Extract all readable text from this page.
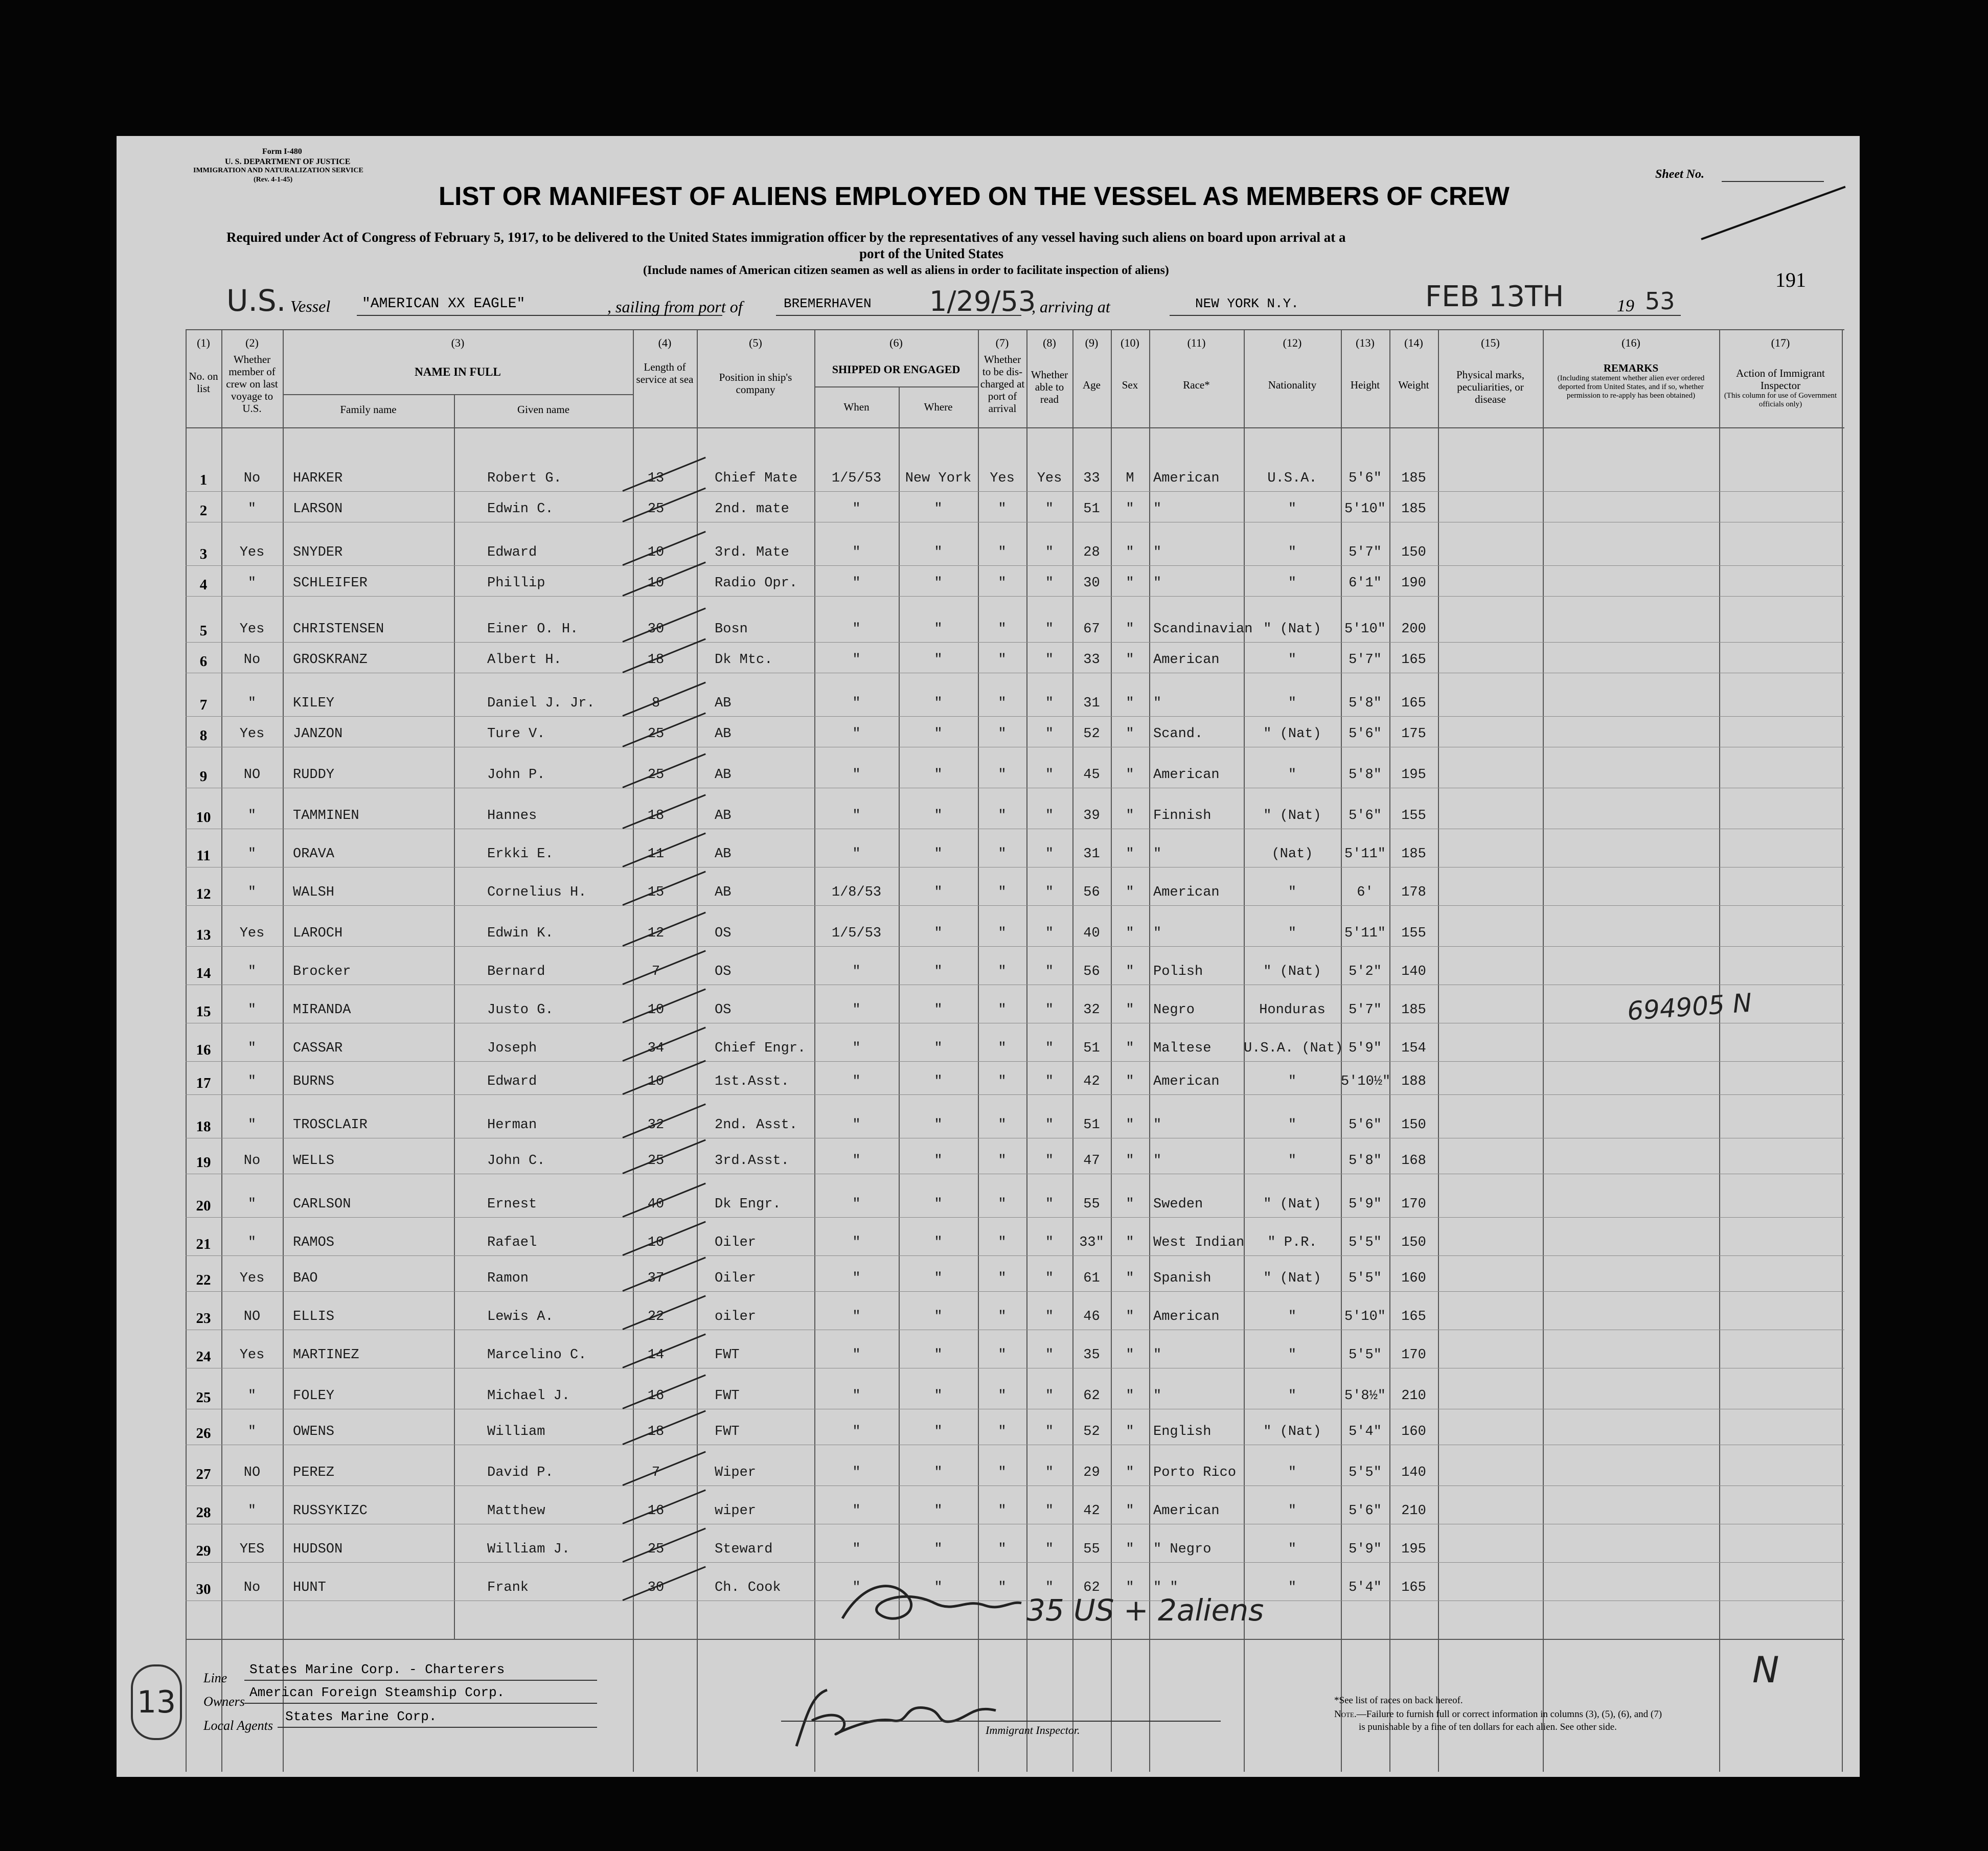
Form I-480
U. S. DEPARTMENT OF JUSTICE
IMMIGRATION AND NATURALIZATION SERVICE
(Rev. 4-1-45)	Sheet No.
LIST OR MANIFEST OF ALIENS EMPLOYED ON THE VESSEL AS MEMBERS OF CREW
Required under Act of Congress of February 5, 1917, to be delivered to the United States immigration officer by the representatives of any vessel having such aliens on board upon arrival at a
port of the United States
(Include names of American citizen seamen as well as aliens in order to facilitate inspection of aliens)	191
U.S. Vessel "AMERICAN XX EAGLE"	, sailing from port of	BREMERHAVEN 1/29/53
, arriving at	NEW YORK N.Y.	FEB 13TH	19 53
(1)	(2)	(3)	(4)	(5)	(6)	(7)	(8)	(9)	(10)	(11)	(12)	(13)	(14)	(15)	(16)	(17)
No. on list
Whether member of crew on last voyage to U.S.
NAME IN FULL
Family name	Given name
Length of service at sea	Position in ship's company
SHIPPED OR ENGAGED
When	Where
Whether to be dis-charged at port of arrival
Whether able to read
Age	Sex	Race*	Nationality	Height	Weight
Physical marks, peculiarities, or disease
REMARKS
(Including statement whether alien ever ordered deported from United States, and if so, whether permission to re-apply has been obtained)
Action of Immigrant Inspector
(This column for use of Government officials only)
1	No	HARKER	Robert G.	13	Chief Mate	1/5/53	New York	Yes	Yes	33	M	American	U.S.A.	5'6"	185
2	"	LARSON	Edwin C.	25	2nd. mate	"	"	"	"	51	"	"	"	5'10"	185
3	Yes	SNYDER	Edward	10	3rd. Mate	"	"	"	"	28	"	"	"	5'7"	150
4	"	SCHLEIFER	Phillip	10	Radio Opr.	"	"	"	"	30	"	"	"	6'1"	190
5	Yes	CHRISTENSEN	Einer O. H.	30	Bosn	"	"	"	"	67	"	Scandinavian " (Nat)	5'10"	200
6	No	GROSKRANZ	Albert H.	18	Dk Mtc.	"	"	"	"	33	"	American	"	5'7"	165
7	"	KILEY	Daniel J. Jr.	8	AB	"	"	"	"	31	"	"	"	5'8"	165
8	Yes	JANZON	Ture V.	25	AB	"	"	"	"	52	"	Scand.	" (Nat)	5'6"	175
9	NO	RUDDY	John P.	25	AB	"	"	"	"	45	"	American	"	5'8"	195
10	"	TAMMINEN	Hannes	18	AB	"	"	"	"	39	"	Finnish	" (Nat)	5'6"	155
11	"	ORAVA	Erkki E.	11	AB	"	"	"	"	31	"	"	(Nat)	5'11"	185
12	"	WALSH	Cornelius H.	15	AB	1/8/53	"	"	"	56	"	American	"	6'	178
13	Yes	LAROCH	Edwin K.	12	OS	1/5/53	"	"	"	40	"	"	"	5'11"	155
14	"	Brocker	Bernard	7	OS	"	"	"	"	56	"	Polish	" (Nat)	5'2"	140
15	"	MIRANDA	Justo G.	10	OS	"	"	"	"	32	"	Negro	Honduras	5'7"	185
16	"	CASSAR	Joseph	34	Chief Engr.	"	"	"	"	51	"	Maltese	U.S.A. (Nat) 5'9"	154
17	"	BURNS	Edward	10	1st.Asst.	"	"	"	"	42	"	American	"	5'10½" 188
18	"	TROSCLAIR	Herman	32	2nd. Asst.	"	"	"	"	51	"	"	"	5'6"	150
19	No	WELLS	John C.	25	3rd.Asst.	"	"	"	"	47	"	"	"	5'8"	168
20	"	CARLSON	Ernest	40	Dk Engr.	"	"	"	"	55	"	Sweden	" (Nat)	5'9"	170
21	"	RAMOS	Rafael	10	Oiler	"	"	"	"	33"	"	West Indian	" P.R.	5'5"	150
22	Yes	BAO	Ramon	37	Oiler	"	"	"	"	61	"	Spanish	" (Nat)	5'5"	160
23	NO	ELLIS	Lewis A.	22	oiler	"	"	"	"	46	"	American	"	5'10"	165
24	Yes	MARTINEZ	Marcelino C.	14	FWT	"	"	"	"	35	"	"	"	5'5"	170
25	"	FOLEY	Michael J.	16	FWT	"	"	"	"	62	"	"	"	5'8½"	210
26	"	OWENS	William	18	FWT	"	"	"	"	52	"	English	" (Nat)	5'4"	160
27	NO	PEREZ	David P.	7	Wiper	"	"	"	"	29	"	Porto Rico	"	5'5"	140
28	"	RUSSYKIZC	Matthew	16	wiper	"	"	"	"	42	"	American	"	5'6"	210
29	YES	HUDSON	William J.	25	Steward	"	"	"	"	55	"	" Negro	"	5'9"	195
30	No	HUNT	Frank	30	Ch. Cook	"	"	"	"	62	"	" "	"	5'4"	165
694905 N
35 US + 2aliens
13
N
Line
States Marine Corp. - Charterers
Owners
American Foreign Steamship Corp.
Local Agents
States Marine Corp.
Immigrant Inspector.
*See list of races on back hereof.
Note.—Failure to furnish full or correct information in columns (3), (5), (6), and (7)
is punishable by a fine of ten dollars for each alien. See other side.
